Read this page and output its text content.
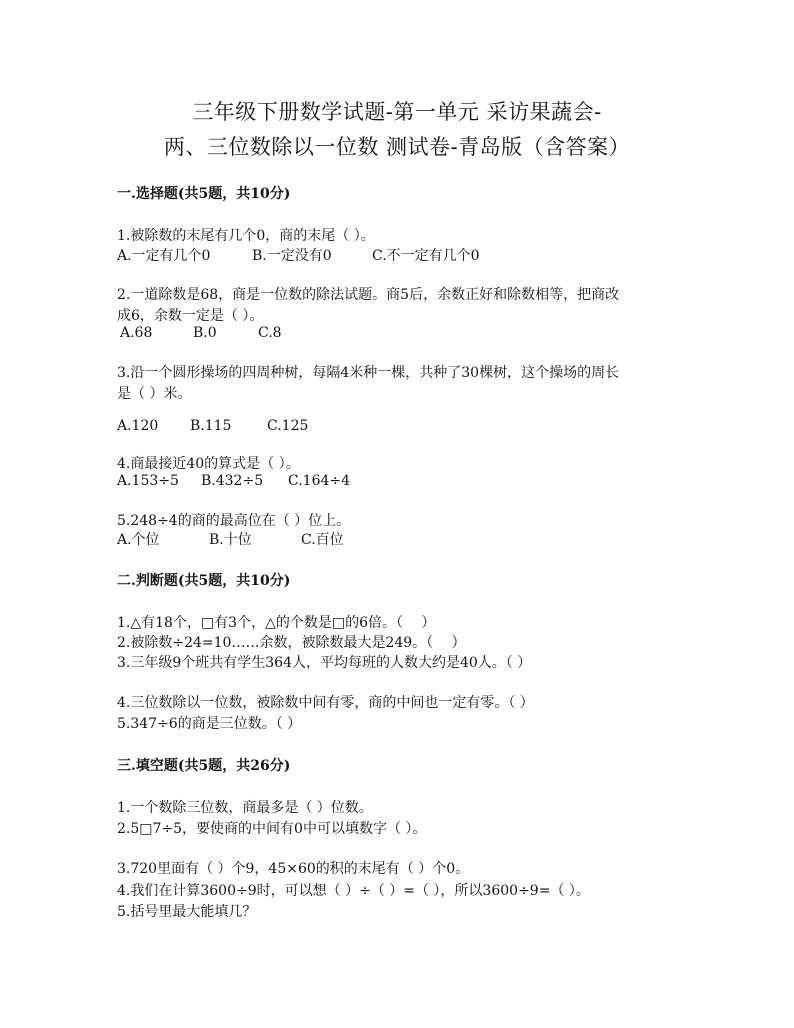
三年级下册数学试题-第一单元 采访果蔬会-
两、三位数除以一位数 测试卷-青岛版（含答案）
一.选择题(共5题，共10分)
1.被除数的末尾有几个0，商的末尾（ ）。
A.一定有几个0	B.一定没有0	C.不一定有几个0
2.一道除数是68，商是一位数的除法试题。商5后，余数正好和除数相等，把商改
成6，余数一定是（ ）。
A.68	B.0	C.8
3.沿一个圆形操场的四周种树，每隔4米种一棵，共种了30棵树，这个操场的周长
是（ ）米。
A.120 B.115	C.125
4.商最接近40的算式是（ ）。
A.153÷5 B.432÷5 C.164÷4
5.248÷4的商的最高位在（ ）位上。
A.个位	B.十位	C.百位
二.判断题(共5题，共10分)
1.△有18个，□有3个，△的个数是□的6倍。（　 ）
2.被除数÷24=10……余数，被除数最大是249。（　 ）
3.三年级9个班共有学生364人，平均每班的人数大约是40人。（ ）
4.三位数除以一位数，被除数中间有零，商的中间也一定有零。（ ）
5.347÷6的商是三位数。（ ）
三.填空题(共5题，共26分)
1.一个数除三位数，商最多是（ ）位数。
2.5□7÷5，要使商的中间有0中可以填数字（ ）。
3.720里面有（ ）个9，45×60的积的末尾有（ ）个0。
4.我们在计算3600÷9时，可以想（ ）÷（ ）=（ ），所以3600÷9=（ ）。
5.括号里最大能填几？
